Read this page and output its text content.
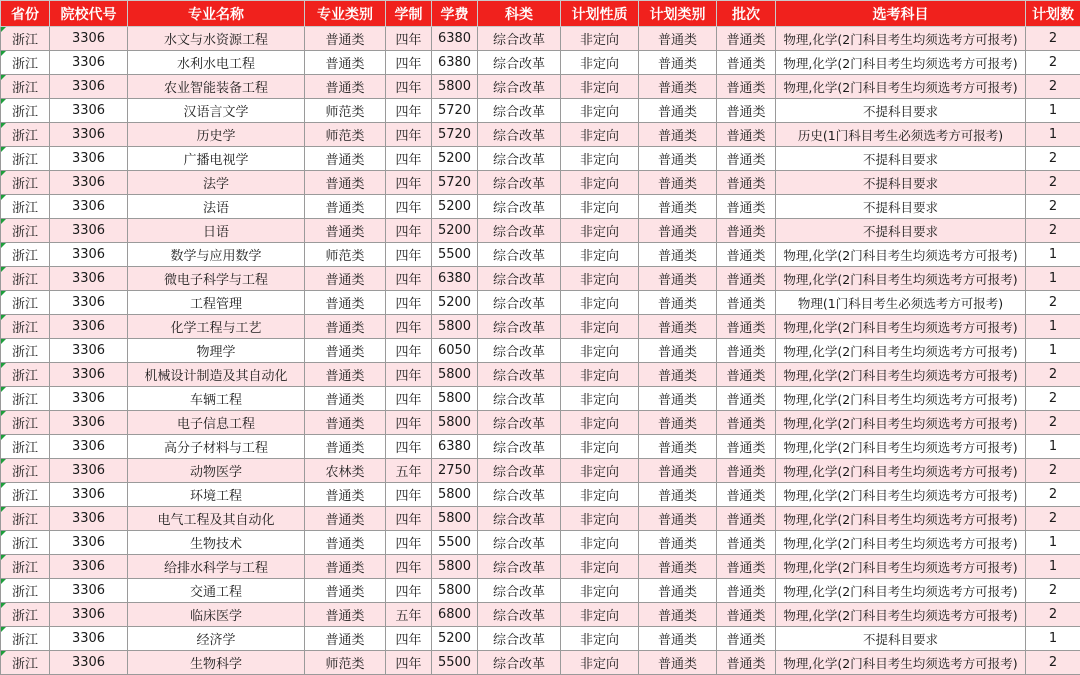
省份	院校代号	专业名称	专业类别	学制	学费	科类	计划性质	计划类别	批次	选考科目	计划数
浙江	3306	水文与水资源工程	普通类	四年	6380	综合改革	非定向	普通类	普通类	物理,化学(2门科目考生均须选考方可报考)	2
浙江	3306	水利水电工程	普通类	四年	6380	综合改革	非定向	普通类	普通类	物理,化学(2门科目考生均须选考方可报考)	2
浙江	3306	农业智能装备工程	普通类	四年	5800	综合改革	非定向	普通类	普通类	物理,化学(2门科目考生均须选考方可报考)	2
浙江	3306	汉语言文学	师范类	四年	5720	综合改革	非定向	普通类	普通类	不提科目要求	1
浙江	3306	历史学	师范类	四年	5720	综合改革	非定向	普通类	普通类	历史(1门科目考生必须选考方可报考)	1
浙江	3306	广播电视学	普通类	四年	5200	综合改革	非定向	普通类	普通类	不提科目要求	2
浙江	3306	法学	普通类	四年	5720	综合改革	非定向	普通类	普通类	不提科目要求	2
浙江	3306	法语	普通类	四年	5200	综合改革	非定向	普通类	普通类	不提科目要求	2
浙江	3306	日语	普通类	四年	5200	综合改革	非定向	普通类	普通类	不提科目要求	2
浙江	3306	数学与应用数学	师范类	四年	5500	综合改革	非定向	普通类	普通类	物理,化学(2门科目考生均须选考方可报考)	1
浙江	3306	微电子科学与工程	普通类	四年	6380	综合改革	非定向	普通类	普通类	物理,化学(2门科目考生均须选考方可报考)	1
浙江	3306	工程管理	普通类	四年	5200	综合改革	非定向	普通类	普通类	物理(1门科目考生必须选考方可报考)	2
浙江	3306	化学工程与工艺	普通类	四年	5800	综合改革	非定向	普通类	普通类	物理,化学(2门科目考生均须选考方可报考)	1
浙江	3306	物理学	普通类	四年	6050	综合改革	非定向	普通类	普通类	物理,化学(2门科目考生均须选考方可报考)	1
浙江	3306	机械设计制造及其自动化	普通类	四年	5800	综合改革	非定向	普通类	普通类	物理,化学(2门科目考生均须选考方可报考)	2
浙江	3306	车辆工程	普通类	四年	5800	综合改革	非定向	普通类	普通类	物理,化学(2门科目考生均须选考方可报考)	2
浙江	3306	电子信息工程	普通类	四年	5800	综合改革	非定向	普通类	普通类	物理,化学(2门科目考生均须选考方可报考)	2
浙江	3306	高分子材料与工程	普通类	四年	6380	综合改革	非定向	普通类	普通类	物理,化学(2门科目考生均须选考方可报考)	1
浙江	3306	动物医学	农林类	五年	2750	综合改革	非定向	普通类	普通类	物理,化学(2门科目考生均须选考方可报考)	2
浙江	3306	环境工程	普通类	四年	5800	综合改革	非定向	普通类	普通类	物理,化学(2门科目考生均须选考方可报考)	2
浙江	3306	电气工程及其自动化	普通类	四年	5800	综合改革	非定向	普通类	普通类	物理,化学(2门科目考生均须选考方可报考)	2
浙江	3306	生物技术	普通类	四年	5500	综合改革	非定向	普通类	普通类	物理,化学(2门科目考生均须选考方可报考)	1
浙江	3306	给排水科学与工程	普通类	四年	5800	综合改革	非定向	普通类	普通类	物理,化学(2门科目考生均须选考方可报考)	1
浙江	3306	交通工程	普通类	四年	5800	综合改革	非定向	普通类	普通类	物理,化学(2门科目考生均须选考方可报考)	2
浙江	3306	临床医学	普通类	五年	6800	综合改革	非定向	普通类	普通类	物理,化学(2门科目考生均须选考方可报考)	2
浙江	3306	经济学	普通类	四年	5200	综合改革	非定向	普通类	普通类	不提科目要求	1
浙江	3306	生物科学	师范类	四年	5500	综合改革	非定向	普通类	普通类	物理,化学(2门科目考生均须选考方可报考)	2
